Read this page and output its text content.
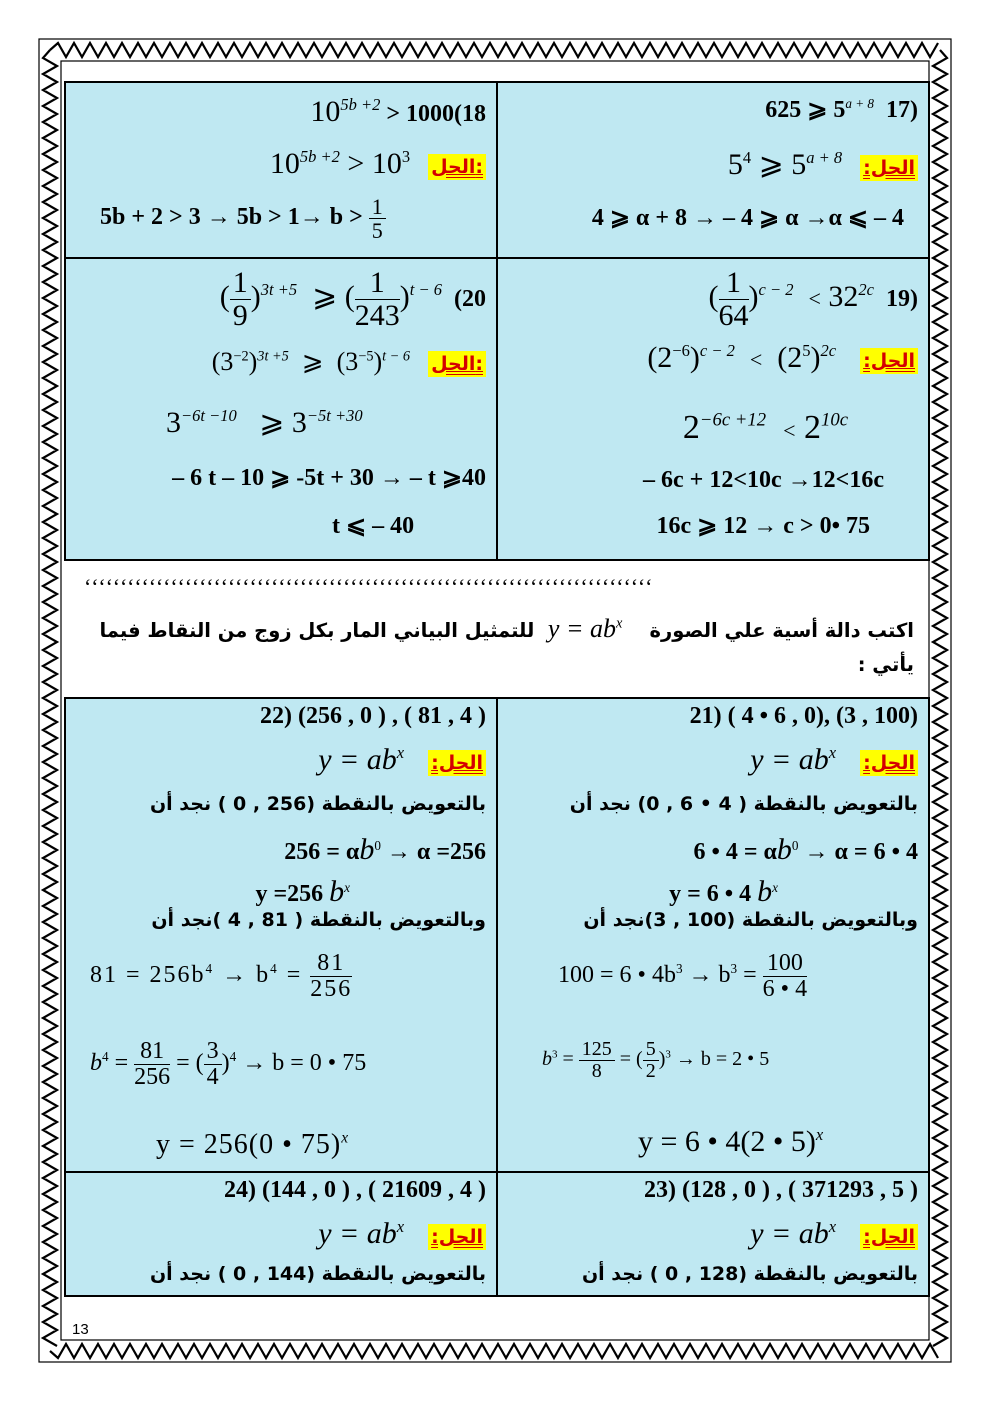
$10^{5b +2} > 1000(18$
$10^{5b +2} > 10^3$ الحل:
$5b + 2 > 3 \to 5b > 1\to b > \frac{1}{5}$
(17  625 ⩾ $5^{a + 8}$
الحل:   $5^4$ ⩾ $5^{a + 8}$
4 ⩾ α + 8 → – 4 ⩾ α →α ⩽ – 4
( $\frac{1}{9} )^{3t +5}$  ⩾ ( $\frac{1}{243} )^{t - 6}$ (20
$(3^{-2})^{3t +5}$  ⩾  $(3^{-5})^{t - 6}$ الحل:
$3^{-6t -10}$   ⩾ $3^{-5t +30}$
– 6 t – 10 ⩾ -5t + 30 → – t ⩾40
t ⩽ – 40
(19  ( $\frac{1}{64} )^{c - 2} < 32^{2c}$
الحل:    $(2^{-6})^{c - 2} < (2^5)^{2c}$
$2^{-6c +12} < 2^{10c}$
– 6c + 12<10c →12<16c
16c ⩾ 12 → c > 0• 75
‘‘‘‘‘‘‘‘‘‘‘‘‘‘‘‘‘‘‘‘‘‘‘‘‘‘‘‘‘‘‘‘‘‘‘‘‘‘‘‘‘‘‘‘‘‘‘‘‘‘‘‘‘‘‘‘‘‘‘‘‘‘‘‘‘‘‘‘‘‘‘‘‘‘‘‘‘‘‘
اكتب دالة أسية علي الصورة    $y = ab^x$  للتمثيل البياني المار بكل زوج من النقاط فيما يأتي :
22) (256 , 0 ) , ( 81 , 4 )
الحل:    $y = ab^x$
بالتعويض بالنقطة (256 , 0 ) نجد أن
$256 = \alpha b^0 \to \alpha =256$
y =256 $b^x$
وبالتعويض بالنقطة ( 81 , 4 )نجد أن
$81 = 256b^4 \to b^4 = \frac{81}{256}$
$b^4 = \frac{81}{256}$ = ( $\frac{3}{4} )^4 \to b = 0$ • 75
y = 256(0 • 75)$^x$
21) ( 4 • 6 , 0), (3 , 100)
الحل:    $y = ab^x$
بالتعويض بالنقطة ( 4 • 6 , 0) نجد أن
6 • $4 = \alpha b^0 \to \alpha = 6$ • 4
y = 6 • 4 $b^x$
وبالتعويض بالنقطة (100 , 3)نجد أن
100 = 6 • $4b^3 \to b^3 = \frac{100}{6 • 4}$
$b^3 = \frac{125}{8}$ = ( $\frac{5}{2} )^3 \to b = 2$ • 5
y = 6 • 4(2 • 5)$^x$
24) (144 , 0 ) , ( 21609 , 4 )
الحل:    $y = ab^x$
بالتعويض بالنقطة (144 , 0 ) نجد أن
23) (128 , 0 ) , ( 371293 , 5 )
الحل:    $y = ab^x$
بالتعويض بالنقطة (128 , 0 ) نجد أن
13
